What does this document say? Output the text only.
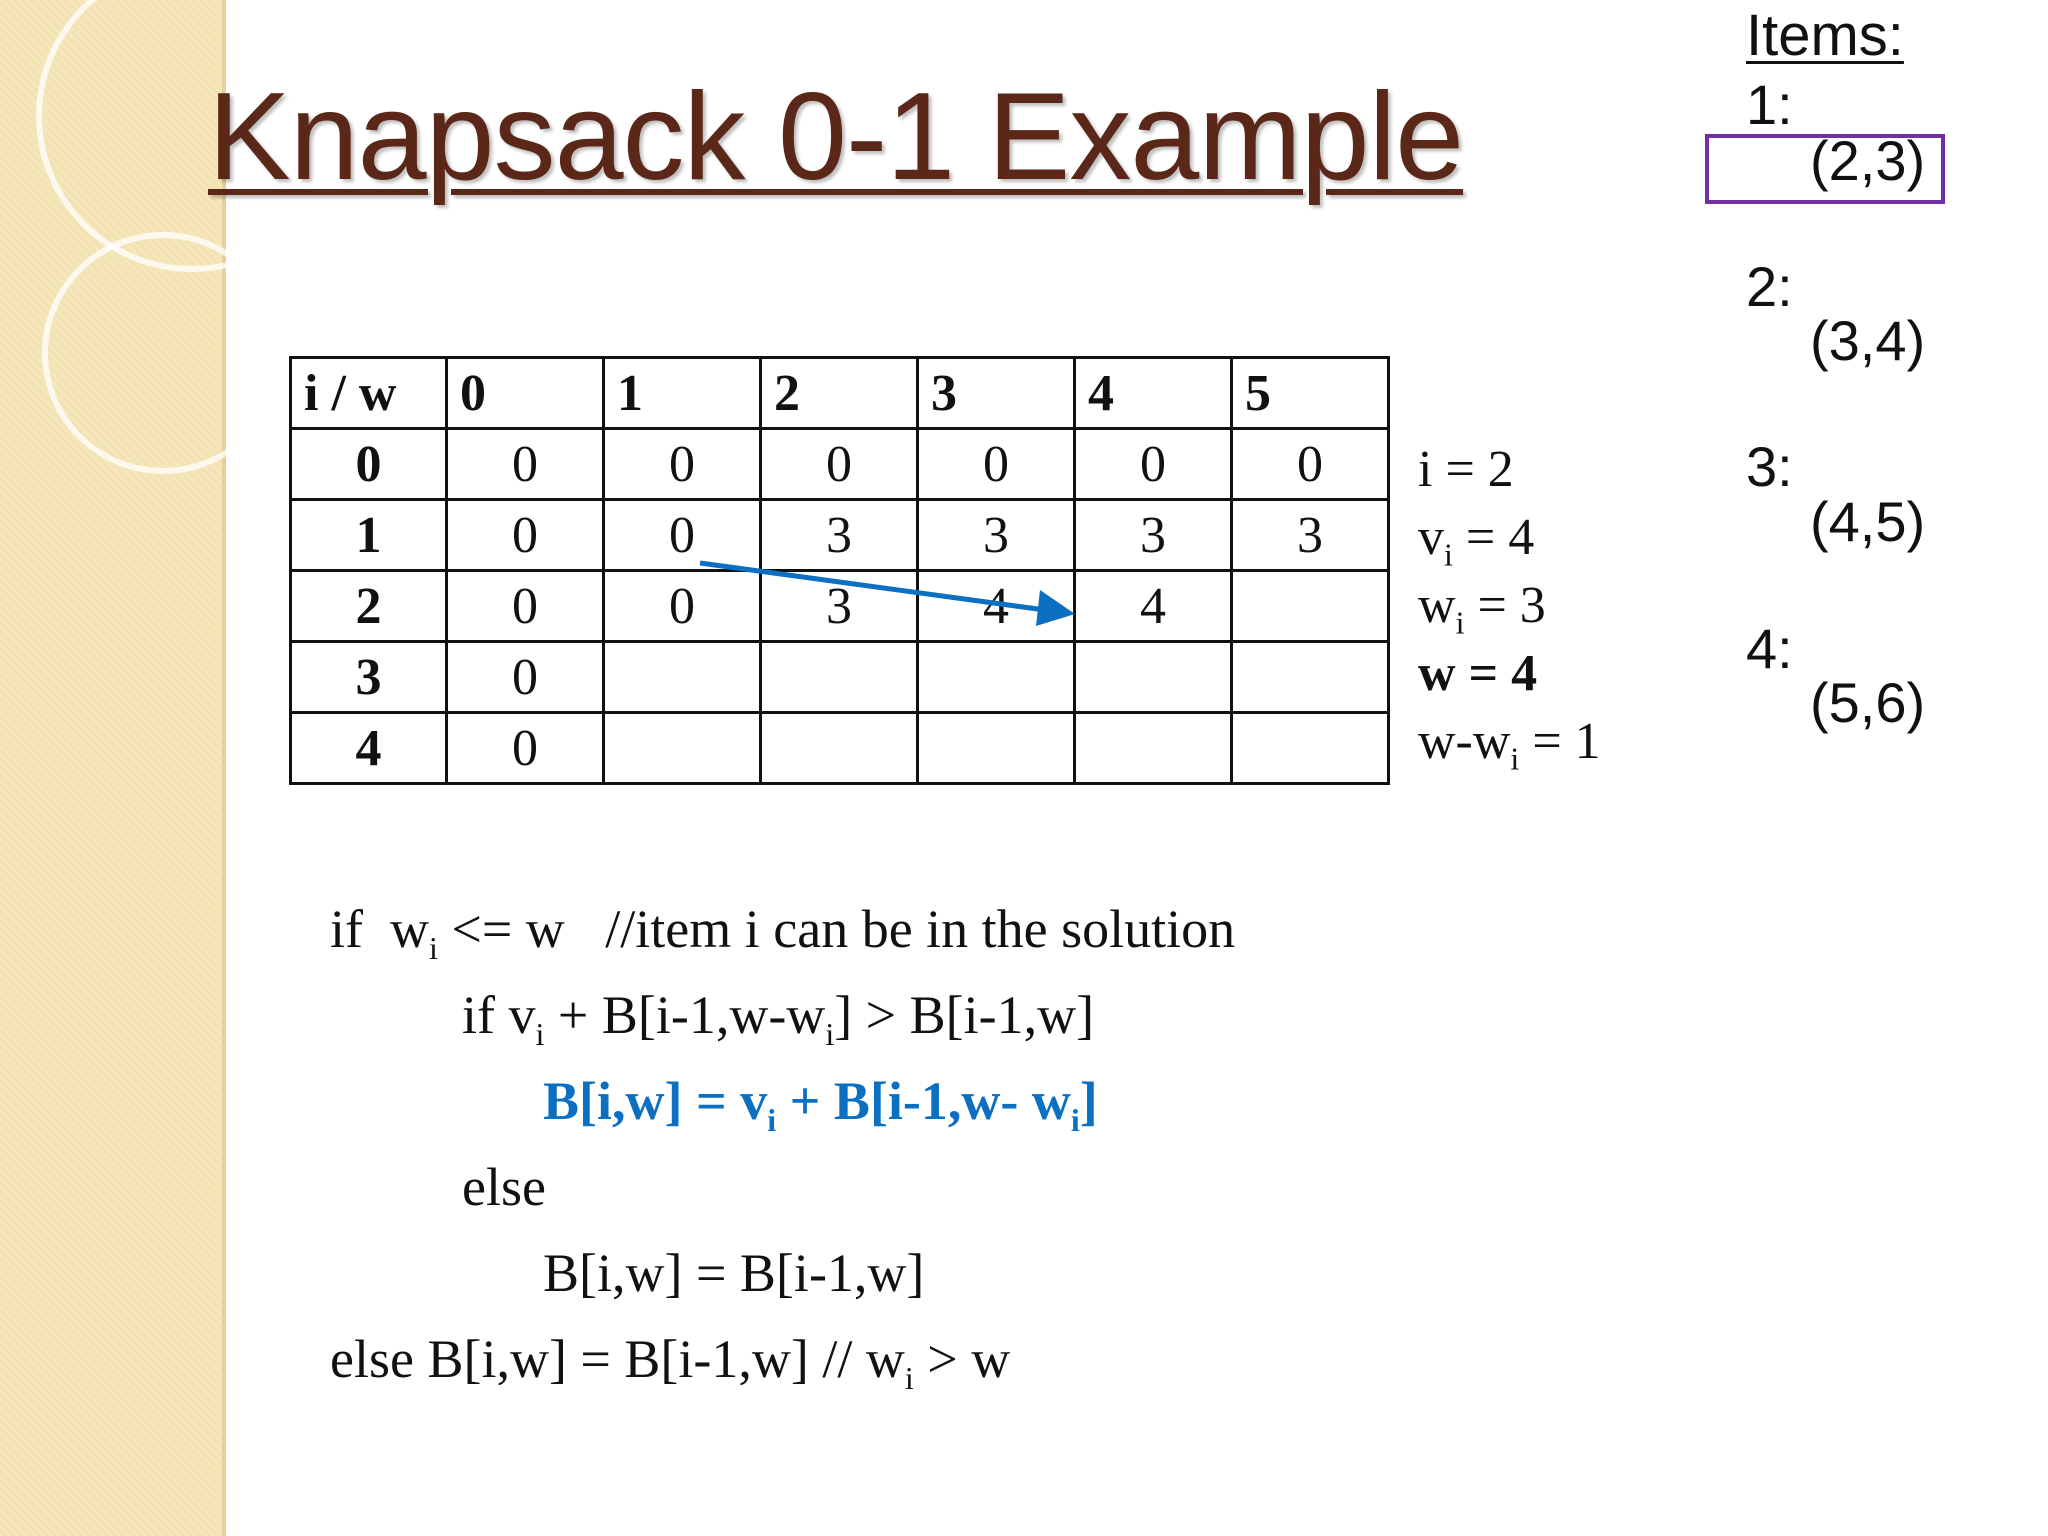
Knapsack 0-1 Example
Items:
1:
(2,3)
2:
(3,4)
3:
(4,5)
4:
(5,6)
i / w	0	1	2	3	4	5
0	0	0	0	0	0	0
1	0	0	3	3	3	3
2	0	0	3	4	4	
3	0					
4	0					
i = 2
$v_i = 4$
$w_i = 3$
w = 4
$w-w_i = 1$
if  $w_i <= w$   //item i can be in the solution
if $v_i + B[i-1,w-w_i] > B[i-1,w]$
$B[i,w] = v_i + B[i-1,w-$ $w_i$]
else
B[i,w] = B[i-1,w]
else $B[i,w] = B[i-1,w] // w_i > w$
